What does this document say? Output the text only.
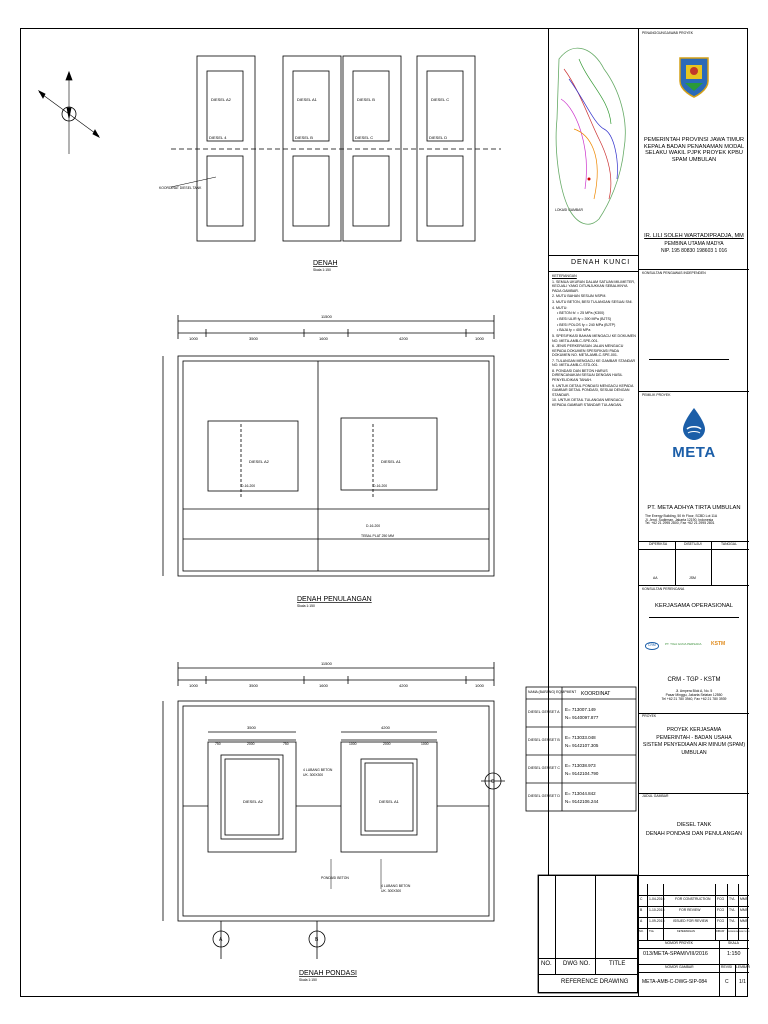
DIESEL A2	DIESEL A1	DIESEL B	DIESEL C
DIESEL 4	DIESEL B	DIESEL C	DIESEL D
KOORDINAT DIESEL TANK
11500
1000	3500	1600	4200	1000
DIESEL A2	DIESEL A1
D-16-200	D-16-200
D-16-200
TEBAL PLAT 250 MM
11500
1000	3500	1600	4200	1000
3500	4200
750	2000	750	1000	2000	1000
DIESEL A2	DIESEL A1
4 LUBANG BETON
UK. 300X300
4 LUBANG BETON
UK. 300X300
PONDASI BETON
A	B
C
DENAH
Skala 1:150
DENAH PENULANGAN
Skala 1:150
DENAH PONDASI
Skala 1:150
NAMA (BARANG) EQUIPMENT KOORDINAT
DIESEL GENSET A E= 713007.149
N= 9140097.877
DIESEL GENSET B E= 713033.048
N= 9142107.305
DIESEL GENSET C E= 713038.973
N= 9142104.790
DIESEL GENSET D E= 713044.842
N= 9142106.244
NO. DWG NO.	TITLE
REFERENCE DRAWING
LOKASI GAMBAR
DENAH KUNCI

KETERANGAN

1. SEMUA UKURAN DALAM SATUAN MILIMETER, KECUALI YANG DITUNJUKKAN SEBALIKNYA PADA GAMBAR.

2. MUTU BAHAN SESUAI NSPM.

3. MUTU BETON, BESI TULANGAN SESUAI SNI.

4. MUTU:

• BETON fc' = 25 MPa (K300)

• BESI ULIR fy = 390 MPa (BJTS)

• BESI POLOS fy = 240 MPa (BJTP)

• BAJA fy = 400 MPa

5. SPESIFIKASI BAHAN MENGACU KE DOKUMEN NO. META-AMB-C-SPE-001.

6. JENIS PERKERASAN JALAN MENGACU KEPADA DOKUMEN SPESIFIKASI PADA DOKUMEN NO. META-AMB-C-SPE-001.

7. TULANGAN MENGACU KE GAMBAR STANDAR NO. META-AMB-C-STD-001.

8. PONDASI DAN BETON HARUS DIRENCANAKAN SESUAI DENGAN HASIL PENYELIDIKAN TANAH.

9. UNTUK DETAIL PONDASI MENGACU KEPADA GAMBAR DETAIL PONDASI, SESUAI DENGAN STANDAR.

10. UNTUK DETAIL TULANGAN MENGACU KEPADA GAMBAR STANDAR TULANGAN.

PENANGGUNGJAWAB PROYEK
PEMERINTAH PROVINSI JAWA TIMUR
KEPALA BADAN PENANAMAN MODAL
SELAKU WAKIL PJPK PROYEK KPBU
SPAM UMBULAN
IR. LILI SOLEH WARTADIPRADJA, MM
PEMBINA UTAMA MADYA
NIP. 195 80830 198603 1 016
KONSULTAN PENGAWAS INDEPENDEN
PEMILIK PROYEK
META
PT. META ADHYA TIRTA UMBULAN
The Energy Building, 50 th Floor, SCBD Lot 11A
Jl. Jend. Sudirman, Jakarta 12190, Indonesia
Tel. +62 21 2995 2800, Fax +62 21 2995 2801
DIPERIKSA	DISETUJUI	TANGGAL
AA	JSM
KONSULTAN PERENCANA
KERJASAMA OPERASIONAL
CRM	PT. TIGA GUNA PERSADA KSTM
CRM - TGP - KSTM
Jl. Ampera Blok A, No. 5
Pasar Minggu, Jakarta Selatan 12550
Tel +62 21 780 3940, Fax +62 21 780 3939
PROYEK
PROYEK KERJASAMA
PEMERINTAH - BADAN USAHA
SISTEM PENYEDIAAN AIR MINUM (SPAM)
UMBULAN
JUDUL GAMBAR
DIESEL TANK
DENAH PONDASI DAN PENULANGAN
C 1-04-2016	FOR CONSTRUCTION FCG TVL MMS
B 1-10-2015	FOR REVIEW	FCG TVL MMS
A 1-09-2015	ISSUED FOR REVIEW	FCG TVL MMS
NO. TGL	KETERANGAN	DIBUAT DIPERIKSA DISETUJUI
NOMOR PROYEK	SKALA
013/META-SPAM/VIII/2016	1:150
NOMOR GAMBAR	REVISI LEMBAR
META-AMB-C-DWG-SIP-084	C 1/1
